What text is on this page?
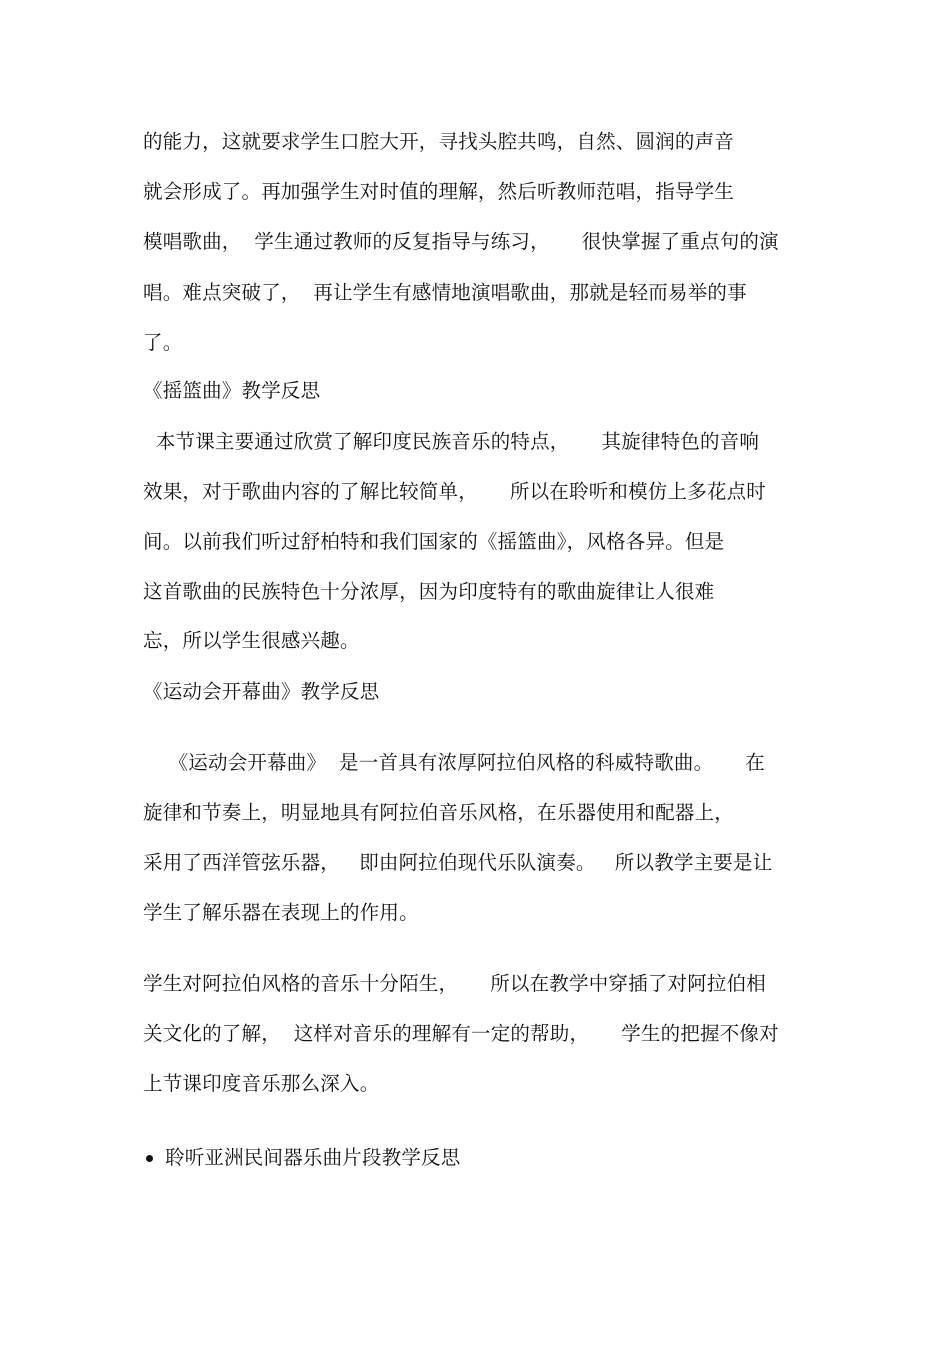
的能力，这就要求学生口腔大开，寻找头腔共鸣，自然、圆润的声音
就会形成了。再加强学生对时值的理解，然后听教师范唱，指导学生
模唱歌曲，  学生通过教师的反复指导与练习，     很快掌握了重点句的演
唱。难点突破了，  再让学生有感情地演唱歌曲，那就是轻而易举的事
了。
《摇篮曲》教学反思
本节课主要通过欣赏了解印度民族音乐的特点，     其旋律特色的音响
效果，对于歌曲内容的了解比较简单，     所以在聆听和模仿上多花点时
间。以前我们听过舒柏特和我们国家的《摇篮曲》，风格各异。但是
这首歌曲的民族特色十分浓厚，因为印度特有的歌曲旋律让人很难
忘，所以学生很感兴趣。
《运动会开幕曲》教学反思
《运动会开幕曲》  是一首具有浓厚阿拉伯风格的科威特歌曲。     在
旋律和节奏上，明显地具有阿拉伯音乐风格，在乐器使用和配器上，
采用了西洋管弦乐器，   即由阿拉伯现代乐队演奏。   所以教学主要是让
学生了解乐器在表现上的作用。
学生对阿拉伯风格的音乐十分陌生，     所以在教学中穿插了对阿拉伯相
关文化的了解，  这样对音乐的理解有一定的帮助，     学生的把握不像对
上节课印度音乐那么深入。
聆听亚洲民间器乐曲片段教学反思
